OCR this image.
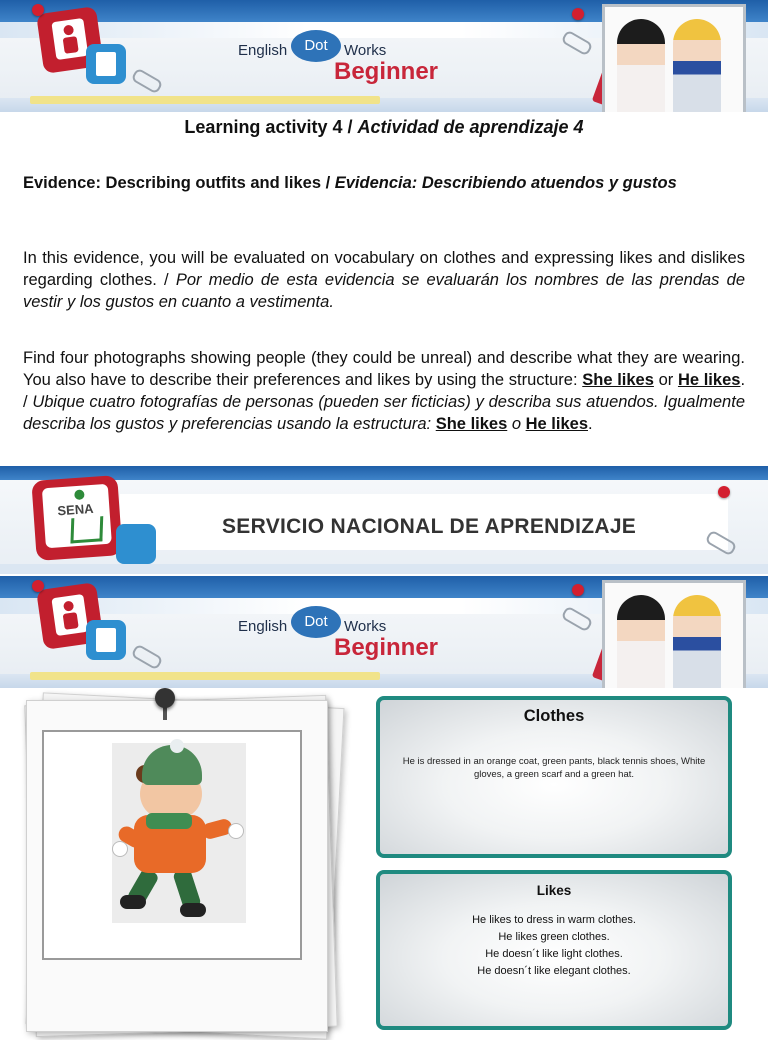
English	Dot	Works
Beginner
Learning activity 4 / Actividad de aprendizaje 4

Evidence: Describing outfits and likes / Evidencia: Describiendo atuendos y gustos

In this evidence, you will be evaluated on vocabulary on clothes and expressing likes and dislikes regarding clothes. / Por medio de esta evidencia se evaluarán los nombres de las prendas de vestir y los gustos en cuanto a vestimenta.

Find four photographs showing people (they could be unreal) and describe what they are wearing. You also have to describe their preferences and likes by using the structure: She likes or He likes. / Ubique cuatro fotografías de personas (pueden ser ficticias) y describa sus atuendos. Igualmente describa los gustos y preferencias usando la estructura: She likes o He likes.

SENA
SERVICIO NACIONAL DE APRENDIZAJE
English	Dot	Works
Beginner
Clothes

He is dressed in an orange coat, green pants, black tennis shoes, White gloves, a green scarf and a green hat.

Likes
He likes to dress in warm clothes.
He likes green clothes.
He doesn´t like light clothes.
He doesn´t like elegant clothes.
